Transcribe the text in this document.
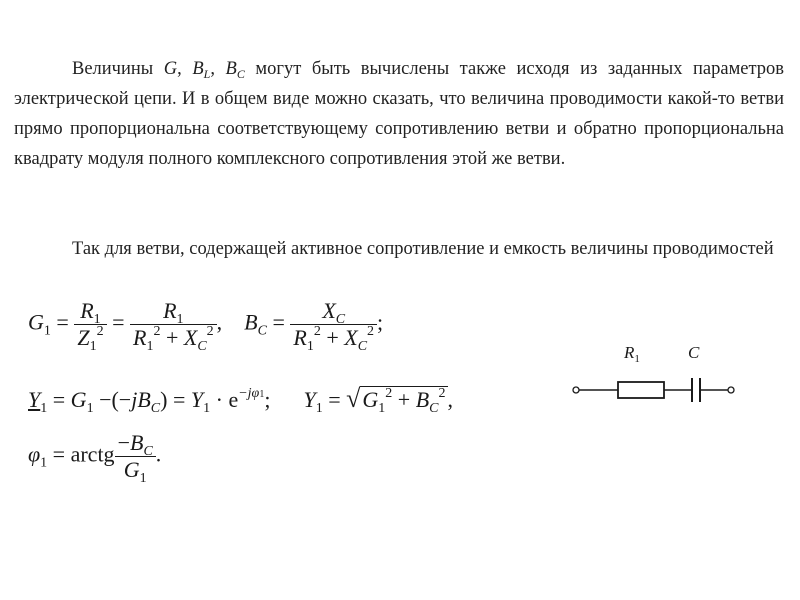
Величины G, $B_L$, $B_C$ могут быть вычислены также исходя из заданных параметров электрической цепи. И в общем виде можно сказать, что величина проводимости какой-то ветви прямо пропорциональна соответствующему сопротивлению ветви и обратно пропорциональна квадрату модуля полного комплексного сопротивления этой же ветви.

Так для ветви, содержащей активное сопротивление и емкость величины проводимостей

$G_1 = \frac{R_1}{Z_1^2} = \frac{R_1}{R_1^2 + X_C^2}$ , $B_C = \frac{X_C}{R_1^2 + X_C^2}$ ;
$Y_1 = G_1 -(-jB_C) = Y_1 \cdot e^{-j\varphi 1}$; $Y_1 = √G_1^2 + B_C^2$,
$\varphi_1$ = arctg $\frac{-B_C}{G_1}$ .
$R_1$	C
